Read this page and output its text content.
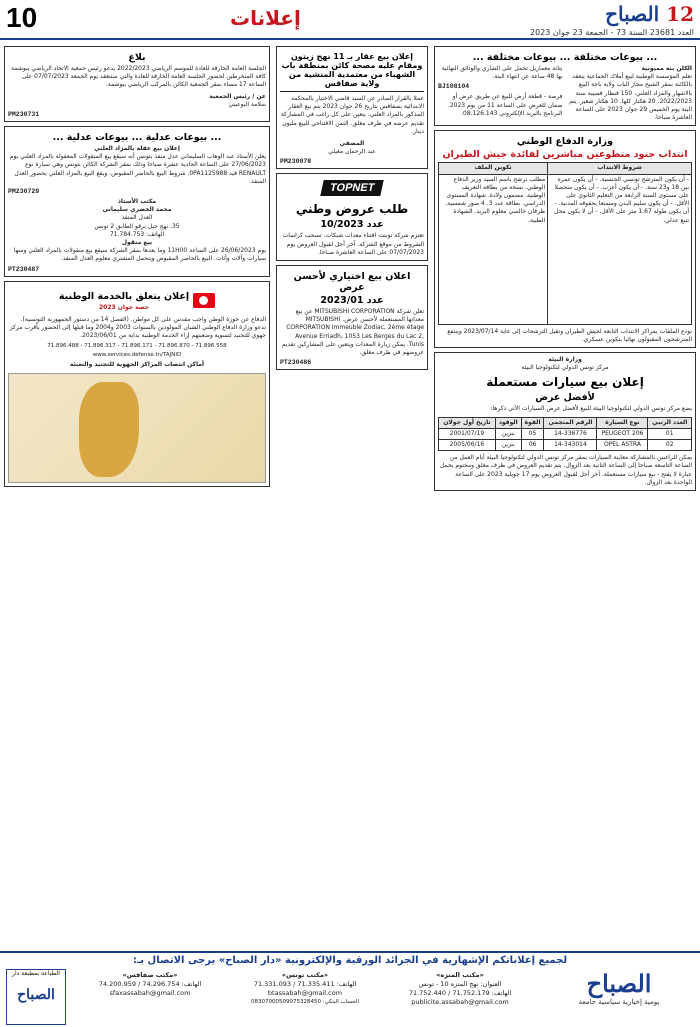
10	إعلانات	12 الصباح
العدد 23681 السنة 73 - الجمعة 23 جوان 2023
... بيوعات مختلفة ... بيوعات مختلفة ...
الكلن بنه مميونية
تعلم المؤسسة الوطنية لبيع أملاك الجماعية ينعقد بالكائنة بمقر الشيخ مجاز الباب ولاية باجة البيع بالاشهار والمزاد العلني. 150 قنطار قصيبة سنة 2022/2023. 20 هكتار كلها. 10 هكتار شعير. يتم البتة يوم الخميس 29 جوان 2023 على الساعة العاشرة صباحا.
بتاتة معماريل تحمل على الشاري والوثائق النهائية بها 48 ساعة عن انتهاء البتة.
BJ108104
فرصة - قطعة أرض للبيع عن طريق عرض أو ضمان للعرض على الساعة 11 من يوم 2023. البرنامج بالبريد الإلكتروني 08.126.143.
وزارة الدفاع الوطني
انتداب جنود متطوعين مباشرين لفائدة جيش الطيران
شروط الانتداب	تكوين الملف
- أن يكون المترشح تونسي الجنسية. - أن يكون عمره بين 18 و23 سنة. - أن يكون أعزب. - أن يكون متحصلا على مستوى السنة الرابعة من التعليم الثانوي على الأقل. - أن يكون سليم البدن ومتمتعا بحقوقه المدنية. - أن يكون طوله 1.67 متر على الأقل. - أن لا يكون محل تتبع عدلي.	مطلب ترشح باسم السيد وزير الدفاع الوطني. نسخة من بطاقة التعريف الوطنية. مضمون ولادة. شهادة المستوى الدراسي. بطاقة عدد 3. 4 صور شمسية. ظرفان خالصي معلوم البريد. الشهادة الطبية.
تودع الملفات بمراكز الانتداب التابعة لجيش الطيران وتقبل الترشحات إلى غاية 2023/07/14 وينتفع المترشحون المقبولون نهائيا بتكوين عسكري.
وزارة البيئة
مركز تونس الدولي لتكنولوجيا البيئة
إعلان بيع سيارات مستعملة
لأفضل عرض
يضع مركز تونس الدولي لتكنولوجيا البيئة للبيع لأفضل عرض السيارات الآتي ذكرها:
العدد الرتبي	نوع السيارة	الرقم المنجمي	القوة	الوقود	تاريخ أول جولان
01	PEUGEOT 206	14-336776	05	بنزين	2001/07/19
02	OPEL ASTRA	14-343014	06	بنزين	2005/06/16
يمكن للراغبين بالمشاركة معاينة السيارات بمقر مركز تونس الدولي لتكنولوجيا البيئة أيام العمل من الساعة التاسعة صباحا إلى الساعة الثانية بعد الزوال. يتم تقديم العروض في ظرف مغلق ومختوم يحمل عبارة لا يفتح - بيع سيارات مستعملة. آخر أجل لقبول العروض يوم 17 جويلية 2023 على الساعة الواحدة بعد الزوال.
إعلان بيع عقار بـ 11 نهج زيتون ومقام عليه مصحة كائن بمنطقة باب الشهباء من معتمدية المنشية من ولاية صفاقس
عملا بالقرار الصادر عن السيد قاضي الاختيار بالمحكمة الابتدائية بصفاقس بتاريخ 26 جوان 2023 يتم بيع العقار المذكور بالمزاد العلني. يتعين على كل راغب في المشاركة تقديم عرضه في ظرف مغلق. الثمن الافتتاحي للبيع مليون دينار.
المصفي
عبد الرحمان مغيلي
PM230078
TOPNET
طلب عروض وطني
عدد 10/2023
تعتزم شركة توبنت اقتناء معدات شبكات. تسحب كراسات الشروط من موقع الشركة. آخر أجل لقبول العروض يوم 07/07/2023 على الساعة العاشرة صباحا.
اعلان بيع اختياري لأحسن عرض
عدد 2023/01
تعلن شركة MITSUBISHI CORPORATION عن بيع معداتها المستعملة لأحسن عرض. MITSUBISHI CORPORATION Immeuble Zodiac, 2ème étage Avenue Erriadh, 1053 Les Berges du Lac 2, Tunis. يمكن زيارة المعدات ويتعين على المشاركين تقديم عروضهم في ظرف مغلق.
PT230486
بلاغ
الجلسة العامة الخارقة للعادة للموسم الرياضي 2022/2023 يدعو رئيس جمعية الاتحاد الرياضي ببوشمة كافة المنخرطين لحضور الجلسة العامة الخارقة للعادة والتي ستنعقد يوم الجمعة 07/07/2023 على الساعة 17 مساء بمقر الجمعية الكائن بالمركب الرياضي ببوشمة.
عن / رئيس الجمعية
سلامة البوعيني
PM230731
... بيوعات عدلية ... بيوعات عدلية ...
إعلان بيع عقلة بالمزاد العلني
يعلن الأستاذ عبد الوهاب السليماني عدل منفذ بتونس أنه سيقع بيع المنقولات المعقولة بالمزاد العلني يوم 27/06/2023 على الساعة الحادية عشرة صباحا وذلك بمقر الشركة الكائن بتونس وهي سيارة نوع RENAULT قيد 0PA1125988. شروط البيع بالحاضر المقبوض. ويقع البيع بالمزاد العلني بحضور العدل المنفذ.
PM230729
مكتب الأستاذ
محمد الخضري سليماني
العدل المنفذ
35، نهج جبل برقو الطابق 2 تونس
الهاتف: 71.784.753
بيع منقول
يوم 26/06/2023 على الساعة 11H00 وما بعدها بمقر الشركة سيقع بيع منقولات بالمزاد العلني ومنها سيارات وآلات وأثاث. البيع بالحاضر المقبوض ويتحمل المشتري معلوم العدل المنفذ.
PT230487
إعلان يتعلق بالخدمة الوطنية
حصة جوان 2023
الدفاع عن حوزة الوطن واجب مقدس على كل مواطن. (الفصل 14 من دستور الجمهورية التونسية). تدعو وزارة الدفاع الوطني الشبان المولودين بالسنوات 2003 و2004 وما قبلها إلى الحضور بأقرب مركز جهوي للتجنيد لتسوية وضعيتهم إزاء الخدمة الوطنية بداية من 2023/06/01.
71.896.488 - 71.896.317 - 71.896.171 - 71.896.870 - 71.896.558
www.services.defense.tn/TAJNID
أماكن انتصاب المراكز الجهوية للتجنيد والتعبئة
لجميع إعلاناتكم الإشهارية في الجرائد الورقية والإلكترونية «دار الصباح» يرجى الاتصال بـ:
الصباح
يومية إخبارية سياسية جامعة
«مكتب المنزه»
العنوان: نهج المنزه 10 - تونس
الهاتف: 71.752.179 / 71.752.440
publicite.assabah@gmail.com
«مكتب تونس»
الهاتف: 71.335.411 / 71.331.093
btassabah@gmail.com
الحساب البنكي: 08307000509075328450
«مكتب صفاقس»
الهاتف: 74.296.754 / 74.200.959
sfaxassabah@gmail.com
الطباعة بمطبعة دار
الصباح
